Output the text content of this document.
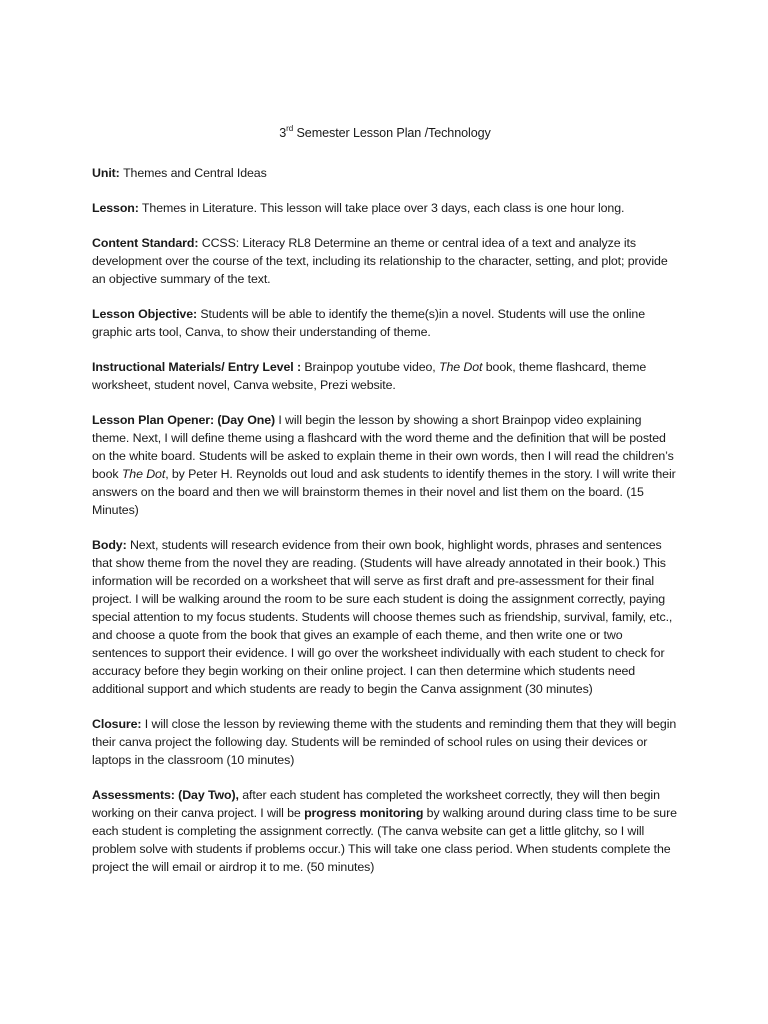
3rd Semester Lesson Plan /Technology

Unit: Themes and Central Ideas

Lesson: Themes in Literature. This lesson will take place over 3 days, each class is one hour long.

Content Standard: CCSS: Literacy RL8 Determine an theme or central idea of a text and analyze its development over the course of the text, including its relationship to the character, setting, and plot; provide an objective summary of the text.

Lesson Objective: Students will be able to identify the theme(s)in a novel. Students will use the online graphic arts tool, Canva, to show their understanding of theme.

Instructional Materials/ Entry Level : Brainpop youtube video, The Dot book, theme flashcard, theme worksheet, student novel, Canva website, Prezi website.

Lesson Plan Opener: (Day One) I will begin the lesson by showing a short Brainpop video explaining theme. Next, I will define theme using a flashcard with the word theme and the definition that will be posted on the white board. Students will be asked to explain theme in their own words, then I will read the children’s book The Dot, by Peter H. Reynolds out loud and ask students to identify themes in the story. I will write their answers on the board and then we will brainstorm themes in their novel and list them on the board. (15 Minutes)

Body: Next, students will research evidence from their own book, highlight words, phrases and sentences that show theme from the novel they are reading. (Students will have already annotated in their book.) This information will be recorded on a worksheet that will serve as first draft and pre-assessment for their final project. I will be walking around the room to be sure each student is doing the assignment correctly, paying special attention to my focus students. Students will choose themes such as friendship, survival, family, etc., and choose a quote from the book that gives an example of each theme, and then write one or two sentences to support their evidence. I will go over the worksheet individually with each student to check for accuracy before they begin working on their online project. I can then determine which students need additional support and which students are ready to begin the Canva assignment (30 minutes)

Closure: I will close the lesson by reviewing theme with the students and reminding them that they will begin their canva project the following day. Students will be reminded of school rules on using their devices or laptops in the classroom (10 minutes)

Assessments: (Day Two), after each student has completed the worksheet correctly, they will then begin working on their canva project. I will be progress monitoring by walking around during class time to be sure each student is completing the assignment correctly. (The canva website can get a little glitchy, so I will problem solve with students if problems occur.) This will take one class period. When students complete the project the will email or airdrop it to me. (50 minutes)
